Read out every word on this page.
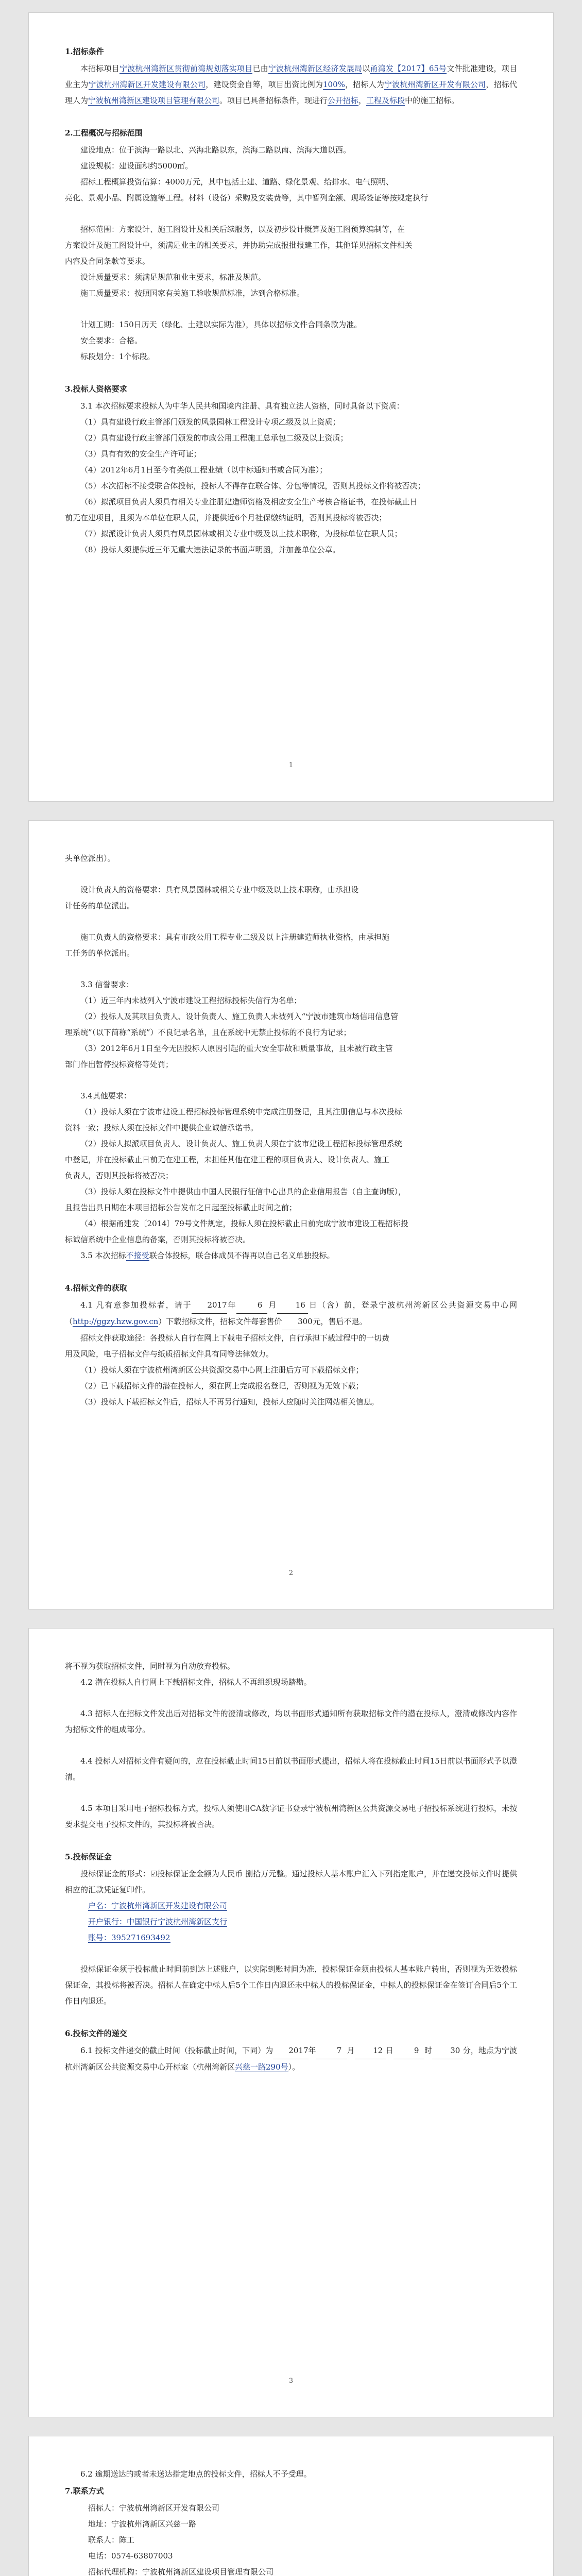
1.招标条件

本招标项目宁波杭州湾新区贯彻前湾规划落实项目已由宁波杭州湾新区经济发展局以甬湾发【2017】65号文件批准建设，项目业主为宁波杭州湾新区开发建设有限公司，建设资金自筹，项目出资比例为100%，招标人为宁波杭州湾新区开发有限公司，招标代理人为宁波杭州湾新区建设项目管理有限公司。项目已具备招标条件，现进行公开招标，工程及标段中的施工招标。

2.工程概况与招标范围

建设地点：位于滨海一路以北、兴海北路以东，滨海二路以南、滨海大道以西。

建设规模：建设面积约5000㎡。

招标工程概算投资估算：4000万元，其中包括土建、道路、绿化景观、给排水、电气照明、

亮化、景观小品、附属设施等工程。材料（设备）采购及安装费等，其中暂列金额、现场签证等按规定执行

招标范围：方案设计、施工图设计及相关后续服务，以及初步设计概算及施工图预算编制等，在

方案设计及施工图设计中，须满足业主的相关要求，并协助完成报批报建工作，其他详见招标文件相关

内容及合同条款等要求。

设计质量要求：须满足规范和业主要求，标准及规范。

施工质量要求：按照国家有关施工验收规范标准，达到合格标准。

计划工期：150日历天（绿化、土建以实际为准），具体以招标文件合同条款为准。

安全要求：合格。

标段划分：1个标段。

3.投标人资格要求

3.1 本次招标要求投标人为中华人民共和国境内注册、具有独立法人资格，同时具备以下资质：

（1）具有建设行政主管部门颁发的风景园林工程设计专项乙级及以上资质；

（2）具有建设行政主管部门颁发的市政公用工程施工总承包二级及以上资质；

（3）具有有效的安全生产许可证；

（4）2012年6月1日至今有类似工程业绩（以中标通知书或合同为准）；

（5）本次招标不接受联合体投标，投标人不得存在联合体、分包等情况，否则其投标文件将被否决；

（6）拟派项目负责人须具有相关专业注册建造师资格及相应安全生产考核合格证书，在投标截止日

前无在建项目，且须为本单位在职人员，并提供近6个月社保缴纳证明，否则其投标将被否决；

（7）拟派设计负责人须具有风景园林或相关专业中级及以上技术职称，为投标单位在职人员；

（8）投标人须提供近三年无重大违法记录的书面声明函，并加盖单位公章。

1

头单位派出）。

设计负责人的资格要求：具有风景园林或相关专业中级及以上技术职称，由承担设

计任务的单位派出。

施工负责人的资格要求：具有市政公用工程专业二级及以上注册建造师执业资格，由承担施

工任务的单位派出。

3.3 信誉要求：

（1）近三年内未被列入宁波市建设工程招标投标失信行为名单；

（2）投标人及其项目负责人、设计负责人、施工负责人未被列入“宁波市建筑市场信用信息管

理系统”（以下简称“系统”）不良记录名单，且在系统中无禁止投标的不良行为记录；

（3）2012年6月1日至今无因投标人原因引起的重大安全事故和质量事故，且未被行政主管

部门作出暂停投标资格等处罚；

3.4其他要求：

（1）投标人须在宁波市建设工程招标投标管理系统中完成注册登记，且其注册信息与本次投标

资料一致；投标人须在投标文件中提供企业诚信承诺书。

（2）投标人拟派项目负责人、设计负责人、施工负责人须在宁波市建设工程招标投标管理系统

中登记，并在投标截止日前无在建工程，未担任其他在建工程的项目负责人、设计负责人、施工

负责人，否则其投标将被否决；

（3）投标人须在投标文件中提供由中国人民银行征信中心出具的企业信用报告（自主查询版），

且报告出具日期在本项目招标公告发布之日起至投标截止时间之前；

（4）根据甬建发〔2014〕79号文件规定，投标人须在投标截止日前完成宁波市建设工程招标投

标诚信系统中企业信息的备案，否则其投标将被否决。

3.5 本次招标不接受联合体投标，联合体成员不得再以自己名义单独投标。

4.招标文件的获取

4.1 凡有意参加投标者，请于 2017年	6 月 16 日（含）前，登录宁波杭州湾新区公共资源交易中心网（http://ggzy.hzw.gov.cn）下载招标文件，招标文件每套售价 300元，售后不退。

招标文件获取途径：各投标人自行在网上下载电子招标文件，自行承担下载过程中的一切费

用及风险，电子招标文件与纸质招标文件具有同等法律效力。

（1）投标人须在宁波杭州湾新区公共资源交易中心网上注册后方可下载招标文件；

（2）已下载招标文件的潜在投标人，须在网上完成报名登记，否则视为无效下载；

（3）投标人下载招标文件后，招标人不再另行通知，投标人应随时关注网站相关信息。

2

将不视为获取招标文件，同时视为自动放弃投标。

4.2 潜在投标人自行网上下载招标文件，招标人不再组织现场踏勘。

4.3 招标人在招标文件发出后对招标文件的澄清或修改，均以书面形式通知所有获取招标文件的潜在投标人，澄清或修改内容作为招标文件的组成部分。

4.4 投标人对招标文件有疑问的，应在投标截止时间15日前以书面形式提出，招标人将在投标截止时间15日前以书面形式予以澄清。

4.5 本项目采用电子招标投标方式，投标人须使用CA数字证书登录宁波杭州湾新区公共资源交易电子招投标系统进行投标，未按要求提交电子投标文件的，其投标将被否决。

5.投标保证金

投标保证金的形式：☑投标保证金金额为人民币 捌拾万元整。通过投标人基本账户汇入下列指定账户，并在递交投标文件时提供相应的汇款凭证复印件。

户名：宁波杭州湾新区开发建设有限公司

开户银行：中国银行宁波杭州湾新区支行

账号：395271693492

投标保证金须于投标截止时间前到达上述账户，以实际到账时间为准，投标保证金须由投标人基本账户转出，否则视为无效投标保证金，其投标将被否决。招标人在确定中标人后5个工作日内退还未中标人的投标保证金，中标人的投标保证金在签订合同后5个工作日内退还。

6.投标文件的递交

6.1 投标文件递交的截止时间（投标截止时间，下同）为 2017年	7 月 12 日	9 时 30 分，地点为宁波杭州湾新区公共资源交易中心开标室（杭州湾新区兴慈一路290号）。

3

6.2 逾期送达的或者未送达指定地点的投标文件，招标人不予受理。

7.联系方式

招标人：宁波杭州湾新区开发有限公司

地址：宁波杭州湾新区兴慈一路

联系人：陈工

电话：0574-63807003

招标代理机构：宁波杭州湾新区建设项目管理有限公司
